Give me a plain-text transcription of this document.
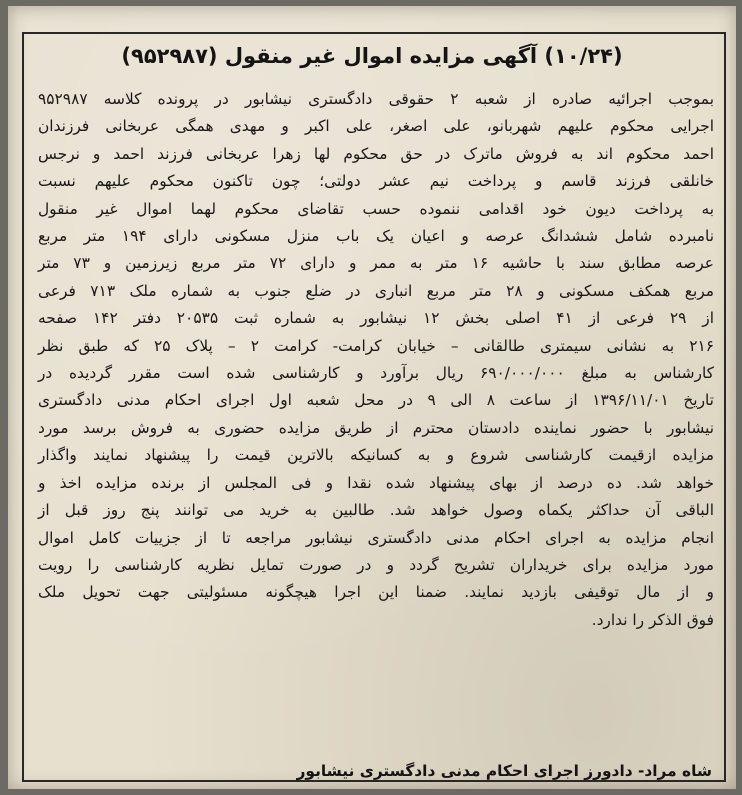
(۱۰/۲۴) آگهی مزایده اموال غیر منقول (۹۵۲۹۸۷)
بموجب اجرائیه صادره از شعبه ۲ حقوقی دادگستری نیشابور در پرونده کلاسه ۹۵۲۹۸۷
اجرایی محکوم علیهم شهربانو، علی اصغر، علی اکبر و مهدی همگی عربخانی فرزندان
احمد محکوم اند به فروش ماترک در حق محکوم لها زهرا عربخانی فرزند احمد و نرجس
خانلقی فرزند قاسم و پرداخت نیم عشر دولتی؛ چون تاکنون محکوم علیهم نسبت
به پرداخت دیون خود اقدامی ننموده حسب تقاضای محکوم لهما اموال غیر منقول
نامبرده شامل ششدانگ عرصه و اعیان یک باب منزل مسکونی دارای ۱۹۴ متر مربع
عرصه مطابق سند با حاشیه ۱۶ متر به ممر و دارای ۷۲ متر مربع زیرزمین و ۷۳ متر
مربع همکف مسکونی و ۲۸ متر مربع انباری در ضلع جنوب به شماره ملک ۷۱۳ فرعی
از ۲۹ فرعی از ۴۱ اصلی بخش ۱۲ نیشابور به شماره ثبت ۲۰۵۳۵ دفتر ۱۴۲ صفحه
۲۱۶ به نشانی سیمتری طالقانی – خیابان کرامت- کرامت ۲ – پلاک ۲۵ که طبق نظر
کارشناس به مبلغ ۶۹۰/۰۰۰/۰۰۰ ریال برآورد و کارشناسی شده است مقرر گردیده در
تاریخ ۱۳۹۶/۱۱/۰۱ از ساعت ۸ الی ۹ در محل شعبه اول اجرای احکام مدنی دادگستری
نیشابور با حضور نماینده دادستان محترم از طریق مزایده حضوری به فروش برسد مورد
مزایده ازقیمت کارشناسی شروع و به کسانیکه بالاترین قیمت را پیشنهاد نمایند واگذار
خواهد شد. ده درصد از بهای پیشنهاد شده نقدا و فی المجلس از برنده مزایده اخذ و
الباقی آن حداکثر یکماه وصول خواهد شد. طالبین به خرید می توانند پنج روز قبل از
انجام مزایده به اجرای احکام مدنی دادگستری نیشابور مراجعه تا از جزییات کامل اموال
مورد مزایده برای خریداران تشریح گردد و در صورت تمایل نظریه کارشناسی را رویت
و از مال توقیفی بازدید نمایند. ضمنا این اجرا هیچگونه مسئولیتی جهت تحویل ملک
فوق الذکر را ندارد.
شاه مراد- دادورز اجرای احکام مدنی دادگستری نیشابور
